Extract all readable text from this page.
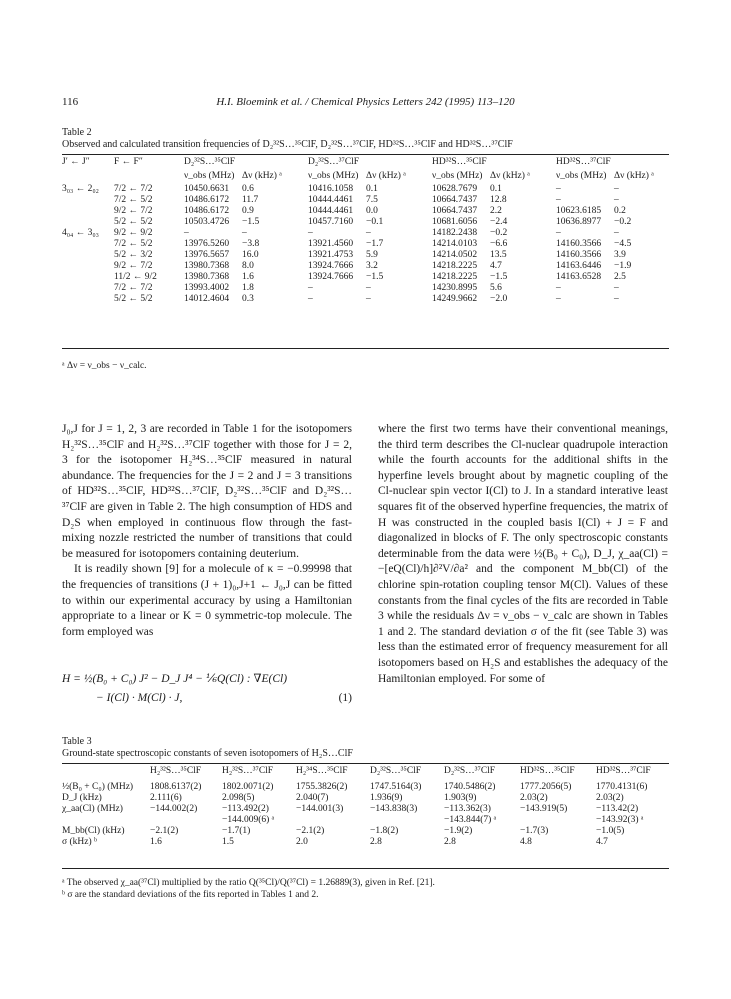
116	H.I. Bloemink et al. / Chemical Physics Letters 242 (1995) 113–120
Table 2
Observed and calculated transition frequencies of D₂³²S…³⁵ClF, D₂³²S…³⁷ClF, HD³²S…³⁵ClF and HD³²S…³⁷ClF
J′ ← J″	F ← F″	D₂³²S…³⁵ClF		D₂³²S…³⁷ClF		HD³²S…³⁵ClF		HD³²S…³⁷ClF	
		ν_obs (MHz)	Δν (kHz) ᵃ	ν_obs (MHz)	Δν (kHz) ᵃ	ν_obs (MHz)	Δν (kHz) ᵃ	ν_obs (MHz)	Δν (kHz) ᵃ
3₀₃ ← 2₀₂	7/2 ← 7/2	10450.6631	0.6	10416.1058	0.1	10628.7679	0.1	–	–
	7/2 ← 5/2	10486.6172	11.7	10444.4461	7.5	10664.7437	12.8	–	–
	9/2 ← 7/2	10486.6172	0.9	10444.4461	0.0	10664.7437	2.2	10623.6185	0.2
	5/2 ← 5/2	10503.4726	−1.5	10457.7160	−0.1	10681.6056	−2.4	10636.8977	−0.2
4₀₄ ← 3₀₃	9/2 ← 9/2	–	–	–	–	14182.2438	−0.2	–	–
	7/2 ← 5/2	13976.5260	−3.8	13921.4560	−1.7	14214.0103	−6.6	14160.3566	−4.5
	5/2 ← 3/2	13976.5657	16.0	13921.4753	5.9	14214.0502	13.5	14160.3566	3.9
	9/2 ← 7/2	13980.7368	8.0	13924.7666	3.2	14218.2225	4.7	14163.6446	−1.9
	11/2 ← 9/2	13980.7368	1.6	13924.7666	−1.5	14218.2225	−1.5	14163.6528	2.5
	7/2 ← 7/2	13993.4002	1.8	–	–	14230.8995	5.6	–	–
	5/2 ← 5/2	14012.4604	0.3	–	–	14249.9662	−2.0	–	–
ᵃ Δν = ν_obs − ν_calc.

J₀,J for J = 1, 2, 3 are recorded in Table 1 for the isotopomers H₂³²S…³⁵ClF and H₂³²S…³⁷ClF together with those for J = 2, 3 for the isotopomer H₂³⁴S…³⁵ClF measured in natural abundance. The frequencies for the J = 2 and J = 3 transitions of HD³²S…³⁵ClF, HD³²S…³⁷ClF, D₂³²S…³⁵ClF and D₂³²S…³⁷ClF are given in Table 2. The high consumption of HDS and D₂S when employed in continuous flow through the fast-mixing nozzle restricted the number of transitions that could be measured for isotopomers containing deuterium.

It is readily shown [9] for a molecule of κ = −0.99998 that the frequencies of transitions (J + 1)₀,J+1 ← J₀,J can be fitted to within our experimental accuracy by using a Hamiltonian appropriate to a linear or K = 0 symmetric-top molecule. The form employed was

H = ½(B₀ + C₀) J² − D_J J⁴ − ⅙Q(Cl) : ∇E(Cl)
− I(Cl) · M(Cl) · J,	(1)

where the first two terms have their conventional meanings, the third term describes the Cl-nuclear quadrupole interaction while the fourth accounts for the additional shifts in the hyperfine levels brought about by magnetic coupling of the Cl-nuclear spin vector I(Cl) to J. In a standard interative least squares fit of the observed hyperfine frequencies, the matrix of H was constructed in the coupled basis I(Cl) + J = F and diagonalized in blocks of F. The only spectroscopic constants determinable from the data were ½(B₀ + C₀), D_J, χ_aa(Cl) = −[eQ(Cl)/h]∂²V/∂a² and the component M_bb(Cl) of the chlorine spin-rotation coupling tensor M(Cl). Values of these constants from the final cycles of the fits are recorded in Table 3 while the residuals Δν = ν_obs − ν_calc are shown in Tables 1 and 2. The standard deviation σ of the fit (see Table 3) was less than the estimated error of frequency measurement for all isotopomers based on H₂S and establishes the adequacy of the Hamiltonian employed. For some of

Table 3
Ground-state spectroscopic constants of seven isotopomers of H₂S…ClF
	H₂³²S…³⁵ClF	H₂³²S…³⁷ClF	H₂³⁴S…³⁵ClF	D₂³²S…³⁵ClF	D₂³²S…³⁷ClF	HD³²S…³⁵ClF	HD³²S…³⁷ClF
½(B₀ + C₀) (MHz)	1808.6137(2)	1802.0071(2)	1755.3826(2)	1747.5164(3)	1740.5486(2)	1777.2056(5)	1770.4131(6)
D_J (kHz)	2.111(6)	2.098(5)	2.040(7)	1.936(9)	1.903(9)	2.03(2)	2.03(2)
χ_aa(Cl) (MHz)	−144.002(2)	−113.492(2)	−144.001(3)	−143.838(3)	−113.362(3)	−143.919(5)	−113.42(2)
		−144.009(6) ᵃ			−143.844(7) ᵃ		−143.92(3) ᵃ
M_bb(Cl) (kHz)	−2.1(2)	−1.7(1)	−2.1(2)	−1.8(2)	−1.9(2)	−1.7(3)	−1.0(5)
σ (kHz) ᵇ	1.6	1.5	2.0	2.8	2.8	4.8	4.7
ᵃ The observed χ_aa(³⁷Cl) multiplied by the ratio Q(³⁵Cl)/Q(³⁷Cl) = 1.26889(3), given in Ref. [21].
ᵇ σ are the standard deviations of the fits reported in Tables 1 and 2.
